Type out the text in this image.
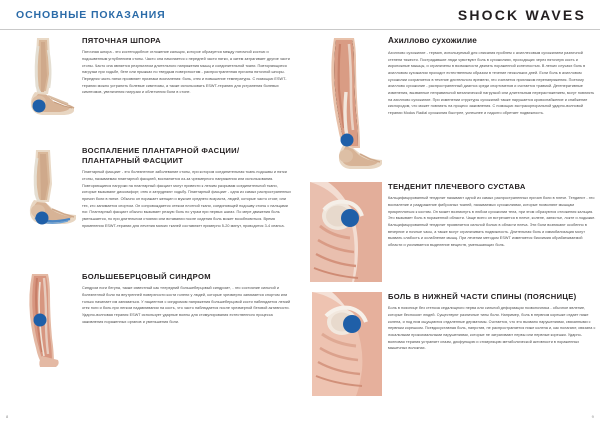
ОСНОВНЫЕ ПОКАЗАНИЯ	SHOCK WAVES
ПЯТОЧНАЯ ШПОРА

Пяточная шпора - это костеподобное отложение кальция, которое образуется между пяточной костью и подошвенным углублением стопы. Часто она начинается с передней части пятки, а затем затрагивает другие части стопы. Часто она является результатом длительного напряжения мышц и соединительной ткани. Повторяющиеся нагрузки при ходьбе, беге или прыжках по твердым поверхностям - распространенная причина пяточной шпоры. Передняя часть пятки проявляет признаки воспаления: боль, отек и повышение температуры. С помощью ESWT-терапии можно устранить болевые симптомы, а также использовать ESWT-терапию для устранения болевых симптомов, увеличения нагрузки и облегчения боли в стопе.

ВОСПАЛЕНИЕ ПЛАНТАРНОЙ ФАСЦИИ/ ПЛАНТАРНЫЙ ФАСЦИИТ

Плантарный фасциит - это болезненное заболевание стопы, при котором соединительная ткань подошвы и пятки стопы, называемая плантарной фасцией, воспаляется из-за чрезмерного напряжения или использования. Повторяющиеся нагрузки на плантарный фасциит могут привести к легким разрывам соединительной ткани, которые вызывают дискомфорт, отек и затрудняют ходьбу. Плантарный фасциит - одна из самых распространенных причин боли в пятке. Обычно он поражает женщин и мужчин среднего возраста, людей, которые часто стоят, или тех, кто занимается спортом. Он сопровождается отеком плотной ткани, соединяющей подошву стопы с пальцами ног. Плантарный фасциит обычно вызывает резкую боль по утрам при первых шагах. По мере движения боль уменьшается, но при длительном стоянии или вставании после сидения боль может возобновиться. Время применения ESWT-терапии для лечения мягких тканей составляет примерно 5-20 минут, проводится 3-4 сеанса.

БОЛЬШЕБЕРЦОВЫЙ СИНДРОМ

Синдром ноги бегуна, также известный как «передний большеберцовый синдром», - это состояние сильной и болезненной боли на внутренней поверхности кости голени у людей, которые чрезмерно занимается спортом или только начинает им заниматься. У пациентов с синдромом напряжения большеберцовой кости наблюдается легкий отек ноги и боль при легком надавливании на кость, что часто наблюдается после чрезмерной беговой активности. Ударно-волновая терапия ESWT использует ударные волны для стимулирования естественного процесса заживления пораженных органов и уменьшения боли.

8
Ахиллово сухожилие

Ахиллово сухожилие - термин, используемый для описания проблем с ахиллесовым сухожилием различной степени тяжести. Пострадавшие люди чувствуют боль в сухожилиях, проходящих через пяточную кость и икроножные мышцы, и ограничены в возможности двигать пораженной конечностью. В легких случаях боль в ахилловом сухожилии проходит естественным образом в течение нескольких дней. Если боль в ахилловом сухожилии сохраняется в течение длительного времени, это считается признаком перенапряжения. Поэтому ахиллово сухожилие - распространенный диагноз среди спортсменов и считается травмой. Дегенеративные изменения, вызванные неправильной механической нагрузкой или длительным перерастяжением, могут повлиять на ахиллово сухожилие. При изменении структуры сухожилий также нарушается кровоснабжение и снабжение кислородом, что может повлиять на процесс заживления. С помощью экстракорпоральной ударно-волновой терапии Modus Radial сухожилия быстрее, успешнее и надолго обретает подвижность.

ТЕНДЕНИТ ПЛЕЧЕВОГО СУСТАВА

Кальцифицированный тендинит называют одной из самых распространенных причин боли в плече. Тендинит - это воспаление и раздражение фиброзных тканей, называемых сухожилиями, которые позволяют мышцам прикрепляться к костям. Он может возникнуть в любом сухожилии тела, при этом образуются отложения кальция. Это вызывает боль в пораженной области. Чаще всего он встречается в плече, колене, запястье, локте и лодыжке. Кальцифицированный тендинит проявляется сильной болью в области плеча. Эти боли возникают особенно в вечерние и ночные часы, а также могут ограничивать подвижность. Длительная боль и иммобилизация могут вызвать слабость и ослабление мышц. При лечении методом ESWT изменяется биохимия обрабатываемой области и усиливается выделение веществ, уменьшающих боль.

БОЛЬ В НИЖНЕЙ ЧАСТИ СПИНЫ (ПОЯСНИЦЕ)

Боль в пояснице без стеноза седалищного нерва или сильной деформации позвоночника - обычное явление, которые беспокоят людей. Существуют различные типы боли. Например, боль в нервном корешке отдает ниже колена, и под ним ощущаются отдаленные дерматомы. Считается, что это вызвано нарушениями, связанными с нервным корешком. Псевдосуставная боль, напротив, не распространяется ниже колена и, как полагают, связана с локальными проксимальными нарушениями, которые не затрагивают нервы или нервные корешки. Ударно-волновая терапия устраняет спазм, дисфункцию и стимуляцию метаболической активности в пораженных мышечных волокнах.

9
